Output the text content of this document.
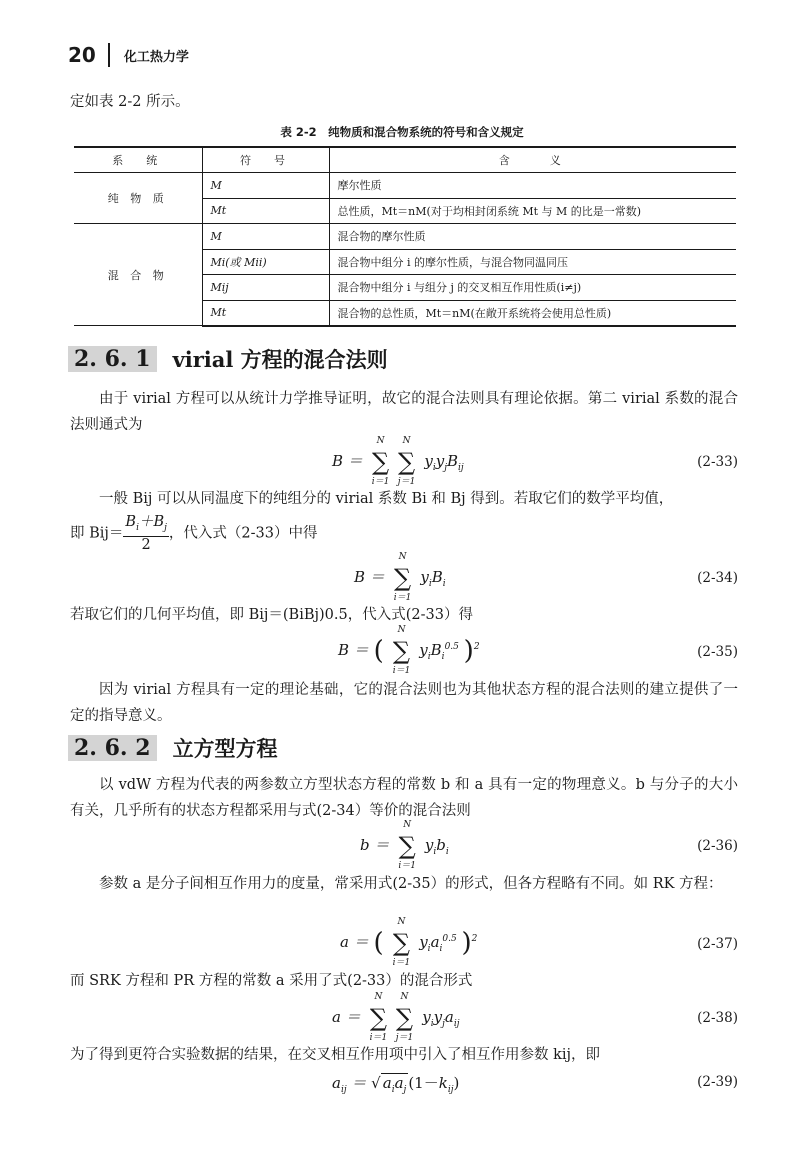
20 化工热力学
定如表 2-2 所示。
表 2-2　纯物质和混合物系统的符号和含义规定
系　统	符　号	含　　义
纯 物 质	M	摩尔性质
	Mt	总性质，Mt＝nM(对于均相封闭系统 Mt 与 M 的比是一常数)
混 合 物	M	混合物的摩尔性质
	Mi(或 Mii)	混合物中组分 i 的摩尔性质，与混合物同温同压
	Mij	混合物中组分 i 与组分 j 的交叉相互作用性质(i≠j)
	Mt	混合物的总性质，Mt＝nM(在敞开系统将会使用总性质)
2. 6. 1 virial 方程的混合法则
由于 virial 方程可以从统计力学推导证明，故它的混合法则具有理论依据。第二 virial 系数的混合法则通式为
B ＝
N
∑
i＝1
N
∑
j＝1
$y_iy_jB_{ij}$	(2-33)
一般 Bij 可以从同温度下的纯组分的 virial 系数 Bi 和 Bj 得到。若取它们的数学平均值，
即 $Bij= \frac{B_i+B_j}{2}$ ，代入式（2-33）中得
B ＝
N
∑
i＝1
$y_iB_i$	(2-34)
若取它们的几何平均值，即 Bij＝(BiBj)0.5，代入式(2-33）得
B ＝ (
N
∑
i＝1
$y_iB_i^{0.5}$ )$^2$	(2-35)
因为 virial 方程具有一定的理论基础，它的混合法则也为其他状态方程的混合法则的建立提供了一定的指导意义。
2. 6. 2 立方型方程
以 vdW 方程为代表的两参数立方型状态方程的常数 b 和 a 具有一定的物理意义。b 与分子的大小有关，几乎所有的状态方程都采用与式(2-34）等价的混合法则
b ＝
N
∑
i＝1
$y_ib_i$	(2-36)
参数 a 是分子间相互作用力的度量，常采用式(2-35）的形式，但各方程略有不同。如 RK 方程：
a ＝ (
N
∑
i＝1
$y_ia_i^{0.5}$ )$^2$	(2-37)
而 SRK 方程和 PR 方程的常数 a 采用了式(2-33）的混合形式
a ＝
N
∑
i＝1
N
∑
j＝1
$y_iy_ja_{ij}$	(2-38)
为了得到更符合实验数据的结果，在交叉相互作用项中引入了相互作用参数 kij，即
$a_{ij}$ ＝ √ $a_ia_j$ $(1-k_{ij})$	(2-39)
